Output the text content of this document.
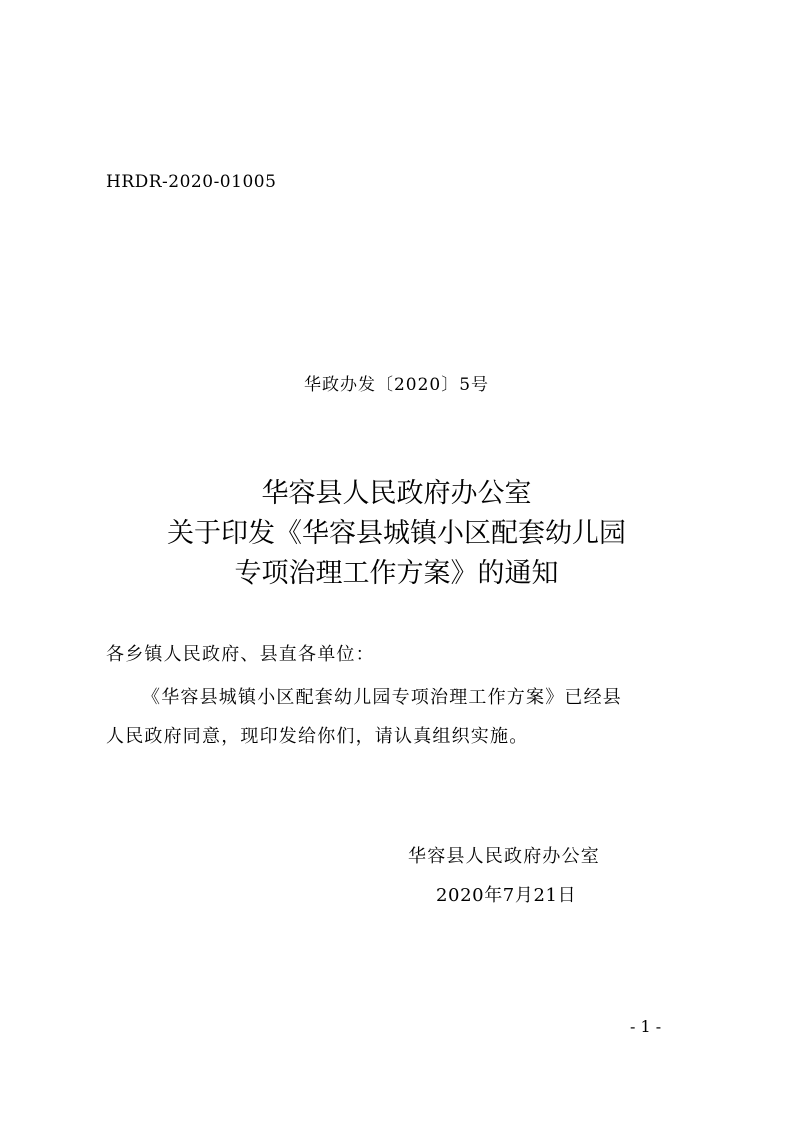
HRDR-2020-01005
华政办发〔2020〕5号
华容县人民政府办公室
关于印发《华容县城镇小区配套幼儿园
专项治理工作方案》的通知
各乡镇人民政府、县直各单位：
《华容县城镇小区配套幼儿园专项治理工作方案》已经县
人民政府同意，现印发给你们，请认真组织实施。
华容县人民政府办公室
2020年7月21日
- 1 -
